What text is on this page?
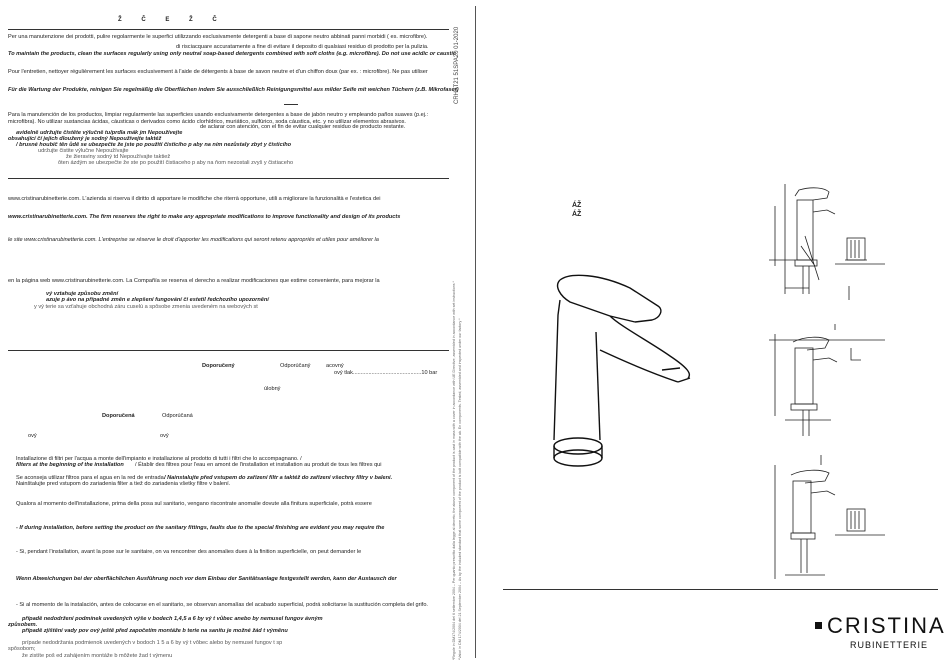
Ž Č E Ž Č
Per una manutenzione dei prodotti, pulire regolarmente le superfici utilizzando esclusivamente detergenti a base di sapone neutro abbinati panni morbidi ( es. microfibre).
di risciacquare accuratamente a fine di evitare il deposito di qualsiasi residuo di prodotto per la pulizia.
To maintain the products, clean the surfaces regularly using only neutral soap-based detergents combined with soft cloths (e.g. microfibre). Do not use acidic or caustic
Pour l'entretien, nettoyer régulièrement les surfaces exclusivement à l'aide de détergents à base de savon neutre et d'un chiffon doux (par ex. : microfibre). Ne pas utiliser
Für die Wartung der Produkte, reinigen Sie regelmäßig die Oberflächen indem Sie ausschließlich Reinigungsmittel aus milder Seife mit weichen Tüchern (z.B. Mikrofaser)
Para la manutención de los productos, limpiar regularmente las superficies usando exclusivamente detergentes a base de jabón neutro y empleando paños suaves (p.ej.: microfibra). No utilizar sustancias ácidas, cáusticas o derivados como ácido clorhídrico, muriático, sulfúrico, soda cáustica, etc. y no utilizar elementos abrasivos.
de aclarar con atención, con el fin de evitar cualquier residuo de producto restante.
avidelně udržujte čistěte výlučně tu/prdla mák jm Nepoužívejte
obsahující čí jejich dloužený je sodný Nepoužívejte taktéž
/ brusné houbič těn ůdě se ubezpečte že jste po použití čisticího p aby na ním nezůstaly zbyt y čisticího
udržujte čistite výlučne Nepoužívajte
že žieraviny sodný td Nepoužívajte taktiež
ôten ázdým se ubezpečte že ste po použití čistiaceho p aby na ňom nezostali zvyš y čistiaceho
www.cristinarubinetterie.com. L'azienda si riserva il diritto di apportare le modifiche che riterrà opportune, utili a migliorare la funzionalità e l'estetica dei
www.cristinarubinetterie.com. The firm reserves the right to make any appropriate modifications to improve functionality and design of its products
le site www.cristinarubinetterie.com. L'entreprise se réserve le droit d'apporter les modifications qui seront retenu appropriés et utiles pour améliorer la
en la página web www.cristinarubinetterie.com. La Compañía se reserva el derecho a realizar modificaciones que estime conveniente, para mejorar la
vý vztahuje způsobu změní
azuje p ávo na případné změn e zlepšení fungování či estetil ředchozího upozornění
y vý terie sa vzťahuje obchodná záru cuselú a spôsobe zmenia uvedeném na webových st
Doporučený	Odporúčaný	acovný
ový tlak............................................10 bar
úlobný
Doporučená	Odporúčaná
ový	ový
Installazione di filtri per l'acqua a monte dell'impianto e installazione al prodotto di tutti i filtri che lo accompagnano. /
filters at the beginning of the installation / Établir des filtres pour l'eau en amont de l'installation et installation au produit de tous les filtres qui
Se aconseja utilizar filtros para el agua en la red de entrada.
/ Nainstalujte před vstupem do zařízení filtr a taktéž do zařízení všechny filtry v balení.
Nainštalujte pred vstupom do zariadenia filter a tiež do zariadenia všetky filtre v balení.
Qualora al momento dell'installazione, prima della posa sul sanitario, vengano riscontrate anomalie dovute alla finitura superficiale, potrà essere
- If during installation, before setting the product on the sanitary fittings, faults due to the special finishing are evident you may require the
- Si, pendant l'installation, avant la pose sur le sanitaire, on va rencontrer des anomalies dues à la finition superficielle, on peut demander le
Wenn Abweichungen bei der oberflächlichen Ausführung noch vor dem Einbau der Sanitätsanlage festgestellt werden, kann der Austausch der
- Si al momento de la instalación, antes de colocarse en el sanitario, se observan anomalías del acabado superficial, podrá solicitarse la sustitución completa del grifo.
případě nedodržení podmínek uvedených výše v bodech 1,4,5 a 6 by vý t vůbec anebo by nemusel fungov ávným
způsobem.
případě zjištění vady pov ový ještě před započetím montáže b terie na sanitu je možné žád t výměnu
prípade nedodržania podmienok uvedených v bodoch 1 5 a 6 by vý t vôbec alebo by nemusel fungov t sp
spôsobom;
že zistíte poš ed zahájením montáže b môžete žad t výmenu
CRHAT21 51SPA20 01-2020
*Regole in DM174/2004 del 6 settembre 2004 – Per quanto prescritto dalla legge al decreto, the above component of the product is cast in mass with a cover in accordance with UE Directive, assembled in accordance with set instructions * *Valori in DM 174/2004 del 21 September 2004 – As by the included standard that some component of the product is bolt compatible with the ab. En components. Tested, assembled and inspected under our factory *
ÁŽ
ÁŽ
CRISTINA
RUBINETTERIE
